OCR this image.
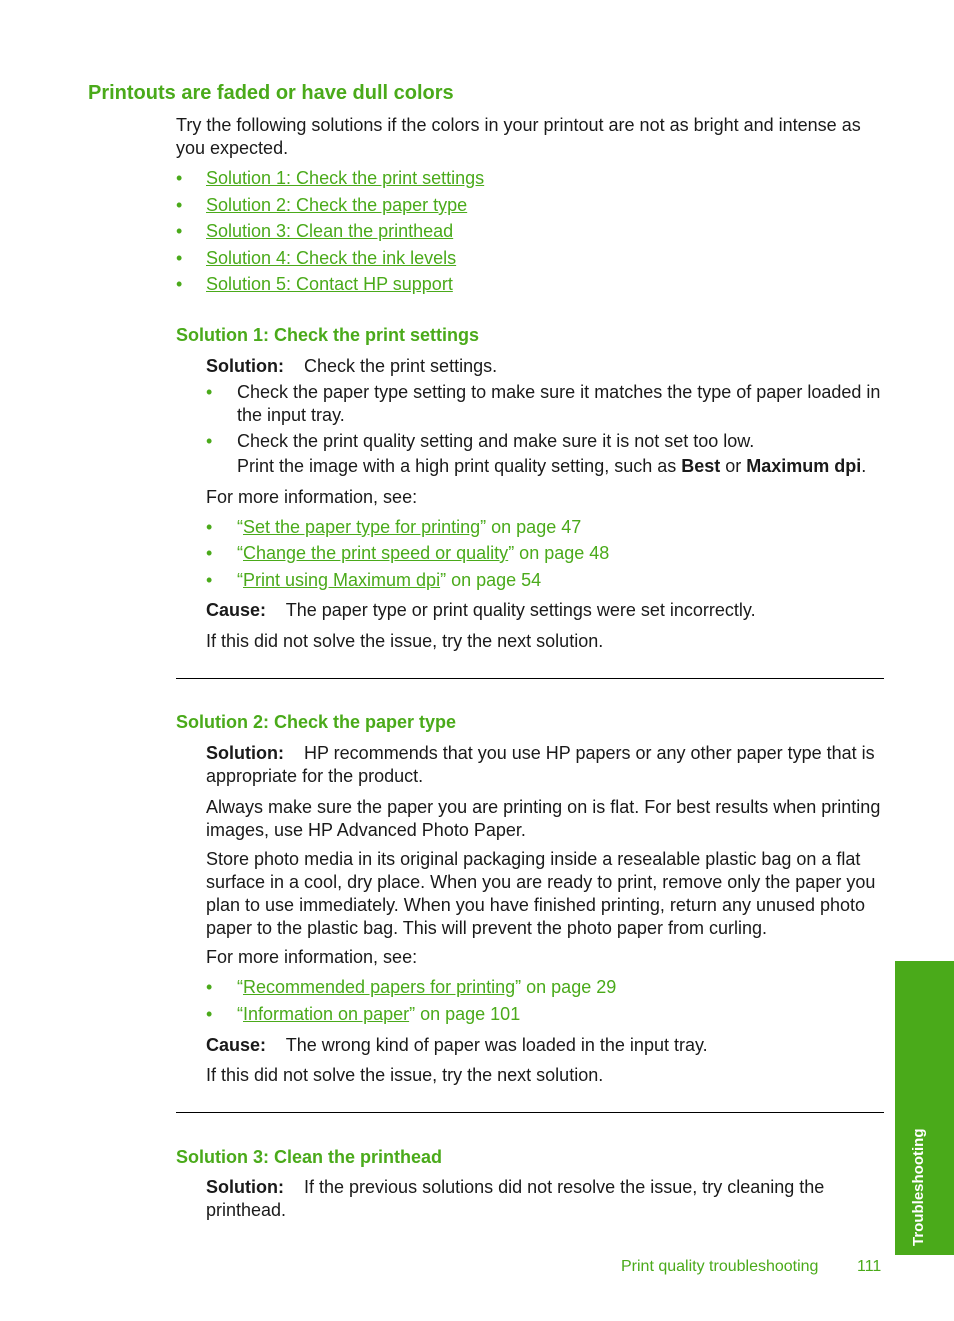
Printouts are faded or have dull colors
Try the following solutions if the colors in your printout are not as bright and intense as you expected.
• Solution 1: Check the print settings
• Solution 2: Check the paper type
• Solution 3: Clean the printhead
• Solution 4: Check the ink levels
• Solution 5: Contact HP support
Solution 1: Check the print settings
Solution: Check the print settings.
• Check the paper type setting to make sure it matches the type of paper loaded in the input tray.
• Check the print quality setting and make sure it is not set too low.
Print the image with a high print quality setting, such as Best or Maximum dpi.
For more information, see:
• “Set the paper type for printing” on page 47
• “Change the print speed or quality” on page 48
• “Print using Maximum dpi” on page 54
Cause: The paper type or print quality settings were set incorrectly.
If this did not solve the issue, try the next solution.
Solution 2: Check the paper type
Solution: HP recommends that you use HP papers or any other paper type that is appropriate for the product.
Always make sure the paper you are printing on is flat. For best results when printing images, use HP Advanced Photo Paper.
Store photo media in its original packaging inside a resealable plastic bag on a flat surface in a cool, dry place. When you are ready to print, remove only the paper you plan to use immediately. When you have finished printing, return any unused photo paper to the plastic bag. This will prevent the photo paper from curling.
For more information, see:
• “Recommended papers for printing” on page 29
• “Information on paper” on page 101
Cause: The wrong kind of paper was loaded in the input tray.
If this did not solve the issue, try the next solution.
Solution 3: Clean the printhead
Solution: If the previous solutions did not resolve the issue, try cleaning the printhead.	Troubleshooting
Print quality troubleshooting 111
